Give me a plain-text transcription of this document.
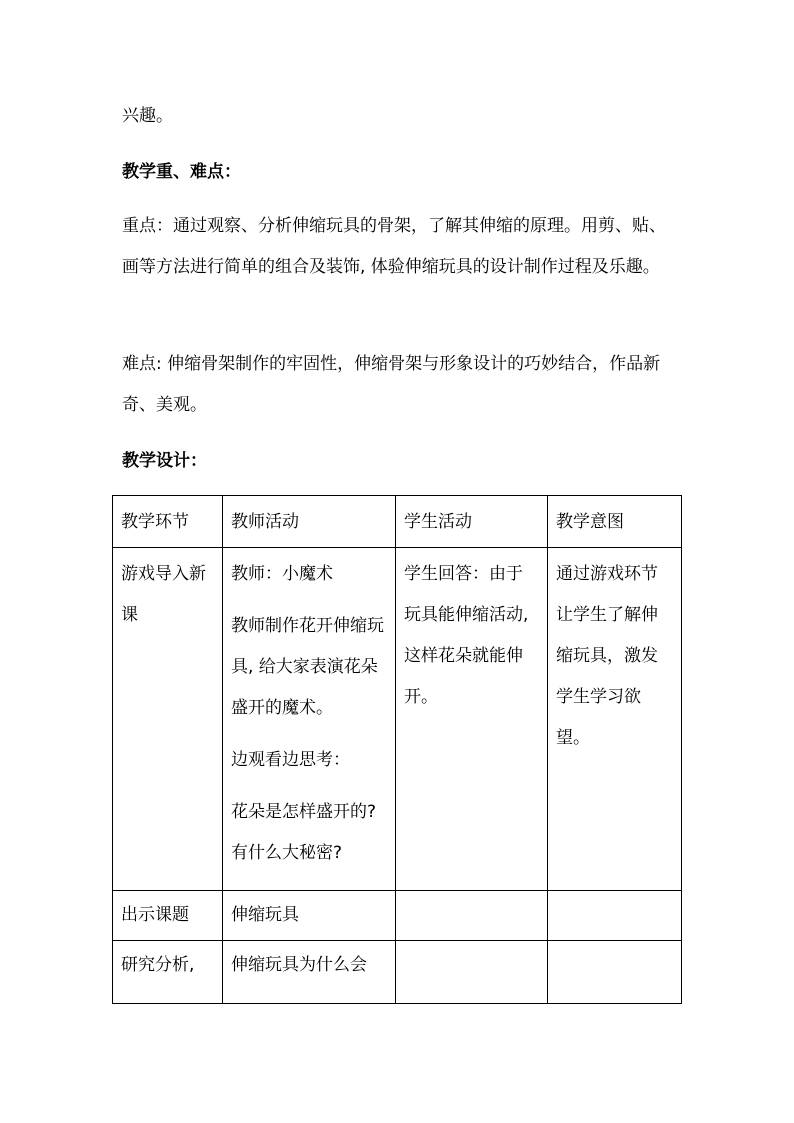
兴趣。

教学重、难点：

重点：通过观察、分析伸缩玩具的骨架，了解其伸缩的原理。用剪、贴、画等方法进行简单的组合及装饰, 体验伸缩玩具的设计制作过程及乐趣。

难点: 伸缩骨架制作的牢固性，伸缩骨架与形象设计的巧妙结合，作品新奇、美观。

教学设计：

教学环节	教师活动	学生活动	教学意图
游戏导入新课	教师：小魔术
教师制作花开伸缩玩具, 给大家表演花朵盛开的魔术。
边观看边思考：
花朵是怎样盛开的? 有什么大秘密?	学生回答：由于玩具能伸缩活动, 这样花朵就能伸开。	通过游戏环节让学生了解伸缩玩具，激发学生学习欲望。
出示课题	伸缩玩具		
研究分析,	伸缩玩具为什么会		
